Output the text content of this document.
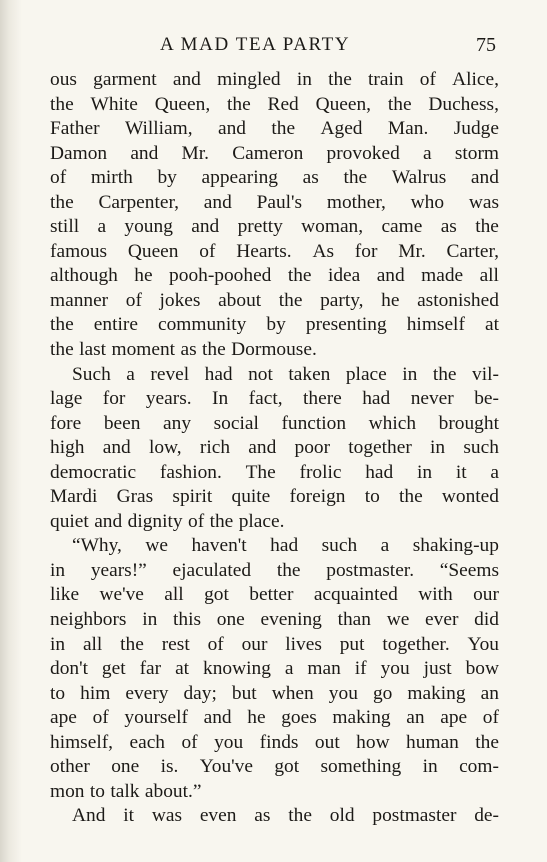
A MAD TEA PARTY	75
ous garment and mingled in the train of Alice,
the White Queen, the Red Queen, the Duchess,
Father William, and the Aged Man. Judge
Damon and Mr. Cameron provoked a storm
of mirth by appearing as the Walrus and
the Carpenter, and Paul's mother, who was
still a young and pretty woman, came as the
famous Queen of Hearts. As for Mr. Carter,
although he pooh-poohed the idea and made all
manner of jokes about the party, he astonished
the entire community by presenting himself at
the last moment as the Dormouse.
Such a revel had not taken place in the vil-
lage for years. In fact, there had never be-
fore been any social function which brought
high and low, rich and poor together in such
democratic fashion. The frolic had in it a
Mardi Gras spirit quite foreign to the wonted
quiet and dignity of the place.
“Why, we haven't had such a shaking-up
in years!” ejaculated the postmaster. “Seems
like we've all got better acquainted with our
neighbors in this one evening than we ever did
in all the rest of our lives put together. You
don't get far at knowing a man if you just bow
to him every day; but when you go making an
ape of yourself and he goes making an ape of
himself, each of you finds out how human the
other one is. You've got something in com-
mon to talk about.”
And it was even as the old postmaster de-
